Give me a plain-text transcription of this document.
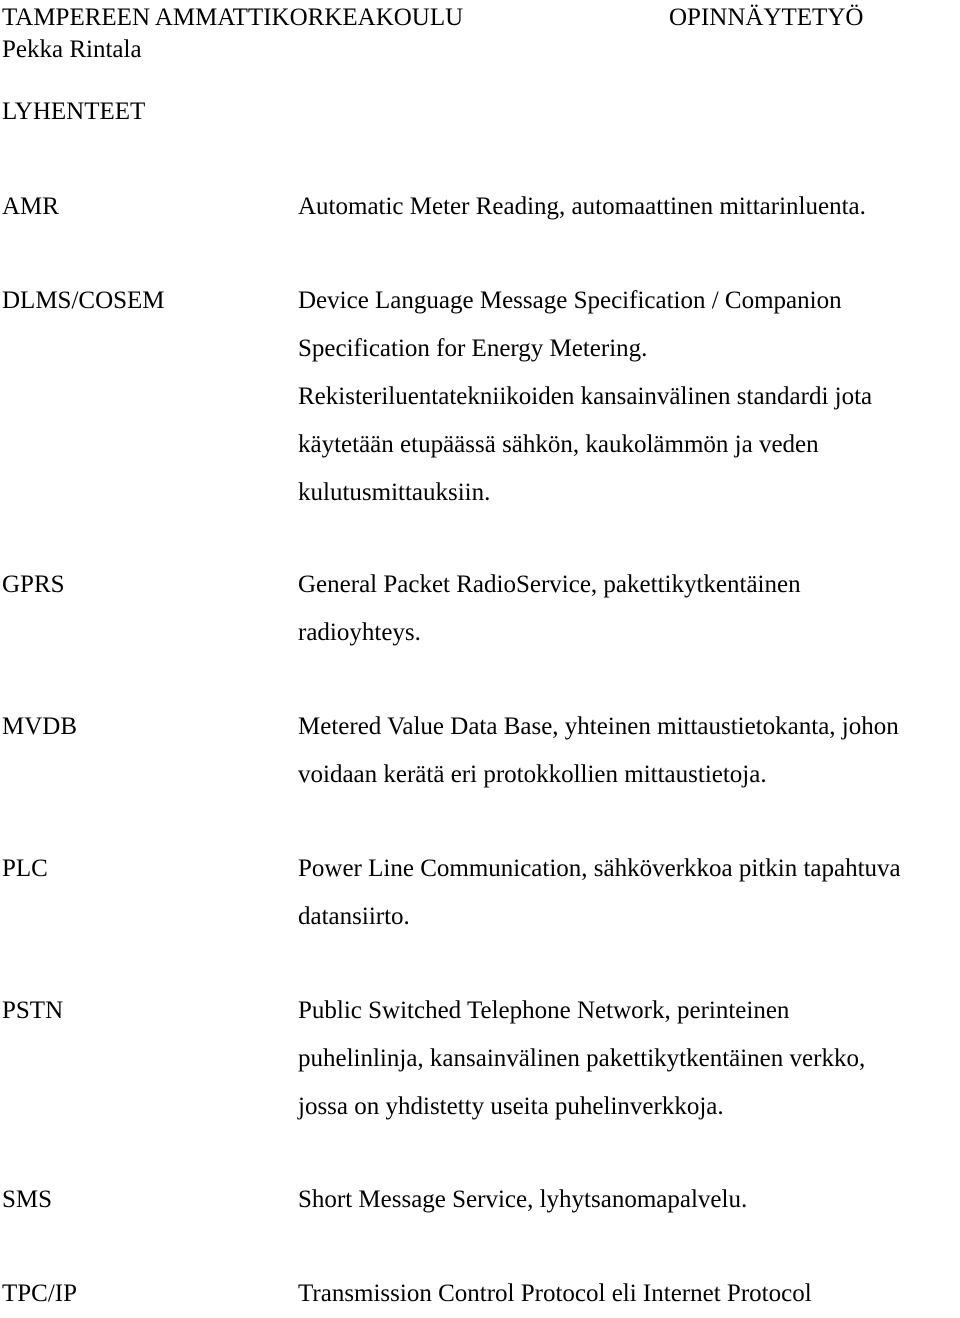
TAMPEREEN AMMATTIKORKEAKOULU	OPINNÄYTETYÖ
Pekka Rintala
LYHENTEET
AMR	Automatic Meter Reading, automaattinen mittarinluenta.
DLMS/COSEM	Device Language Message Specification / Companion
Specification for Energy Metering.
Rekisteriluentatekniikoiden kansainvälinen standardi jota
käytetään etupäässä sähkön, kaukolämmön ja veden
kulutusmittauksiin.
GPRS	General Packet RadioService, pakettikytkentäinen
radioyhteys.
MVDB	Metered Value Data Base, yhteinen mittaustietokanta, johon
voidaan kerätä eri protokkollien mittaustietoja.
PLC	Power Line Communication, sähköverkkoa pitkin tapahtuva
datansiirto.
PSTN	Public Switched Telephone Network, perinteinen
puhelinlinja, kansainvälinen pakettikytkentäinen verkko,
jossa on yhdistetty useita puhelinverkkoja.
SMS	Short Message Service, lyhytsanomapalvelu.
TPC/IP	Transmission Control Protocol eli Internet Protocol
